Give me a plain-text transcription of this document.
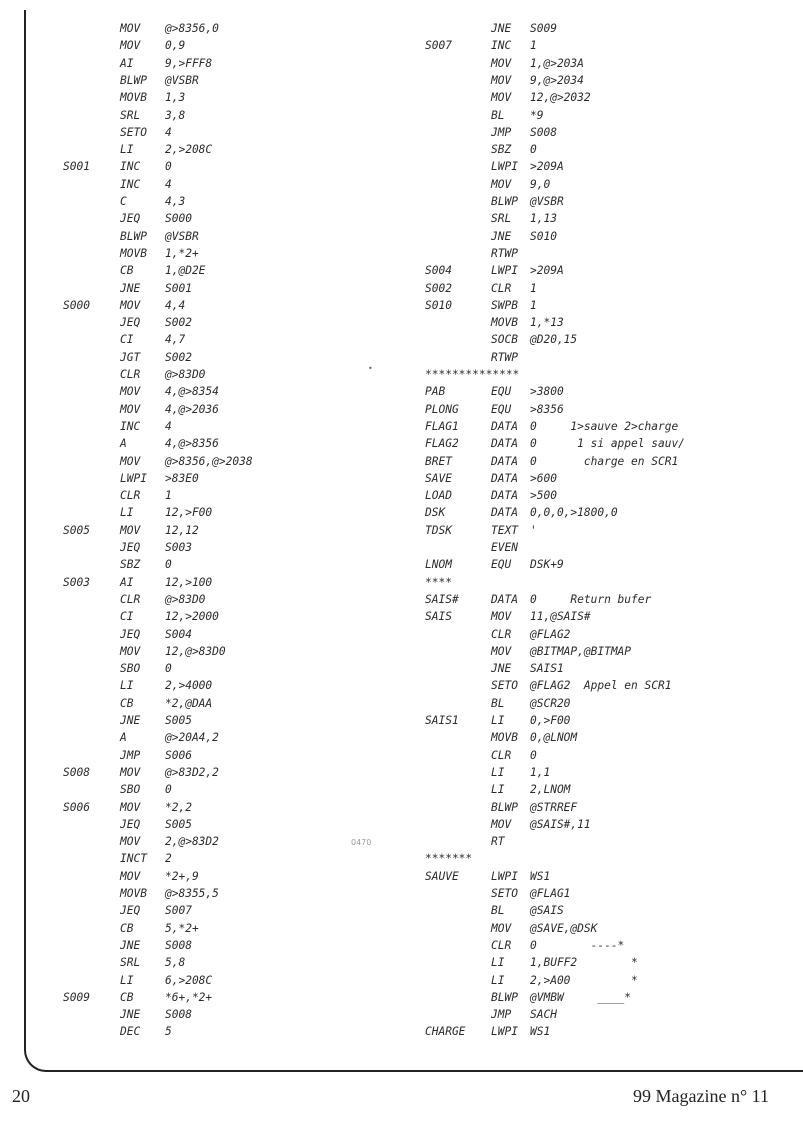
MOV @>8356,0
MOV 0,9
AI	9,>FFF8
BLWP @VSBR
MOVB 1,3
SRL 3,8
SETO 4
LI	2,>208C
S001	INC 0
INC 4
C	4,3
JEQ S000
BLWP @VSBR
MOVB 1,*2+
CB	1,@D2E
JNE S001
S000	MOV 4,4
JEQ S002
CI	4,7
JGT S002
CLR @>83D0
MOV 4,@>8354
MOV 4,@>2036
INC 4
A	4,@>8356
MOV @>8356,@>2038
LWPI >83E0
CLR 1
LI	12,>F00
S005	MOV 12,12
JEQ S003
SBZ 0
S003	AI	12,>100
CLR @>83D0
CI	12,>2000
JEQ S004
MOV 12,@>83D0
SBO 0
LI	2,>4000
CB	*2,@DAA
JNE S005
A	@>20A4,2
JMP S006
S008	MOV @>83D2,2
SBO 0
S006	MOV *2,2
JEQ S005
MOV 2,@>83D2
INCT 2
MOV *2+,9
MOVB @>8355,5
JEQ S007
CB	5,*2+
JNE S008
SRL 5,8
LI	6,>208C
S009	CB	*6+,*2+
JNE S008
DEC 5
JNE S009
S007	INC 1
MOV 1,@>203A
MOV 9,@>2034
MOV 12,@>2032
BL *9
JMP S008
SBZ 0
LWPI >209A
MOV 9,0
BLWP @VSBR
SRL 1,13
JNE S010
RTWP
S004	LWPI >209A
S002	CLR 1
S010	SWPB 1
MOVB 1,*13
SOCB @D20,15
RTWP
**************
PAB	EQU >3800
PLONG	EQU >8356
FLAG1	DATA 0     1>sauve 2>charge
FLAG2	DATA 0      1 si appel sauv/
BRET	DATA 0       charge en SCR1
SAVE	DATA >600
LOAD	DATA >500
DSK	DATA 0,0,0,>1800,0
TDSK	TEXT '
EVEN
LNOM	EQU DSK+9
****
SAIS#	DATA 0     Return bufer
SAIS	MOV 11,@SAIS#
CLR @FLAG2
MOV @BITMAP,@BITMAP
JNE SAIS1
SETO @FLAG2  Appel en SCR1
BL @SCR20
SAIS1	LI 0,>F00
MOVB 0,@LNOM
CLR 0
LI 1,1
LI 2,LNOM
BLWP @STRREF
MOV @SAIS#,11
RT
*******
SAUVE	LWPI WS1
SETO @FLAG1
BL @SAIS
MOV @SAVE,@DSK
CLR 0        ----*
LI 1,BUFF2        *
LI 2,>A00         *
BLWP @VMBW     ____*
JMP SACH
CHARGE LWPI WS1
•
0470
20	99 Magazine n° 11
